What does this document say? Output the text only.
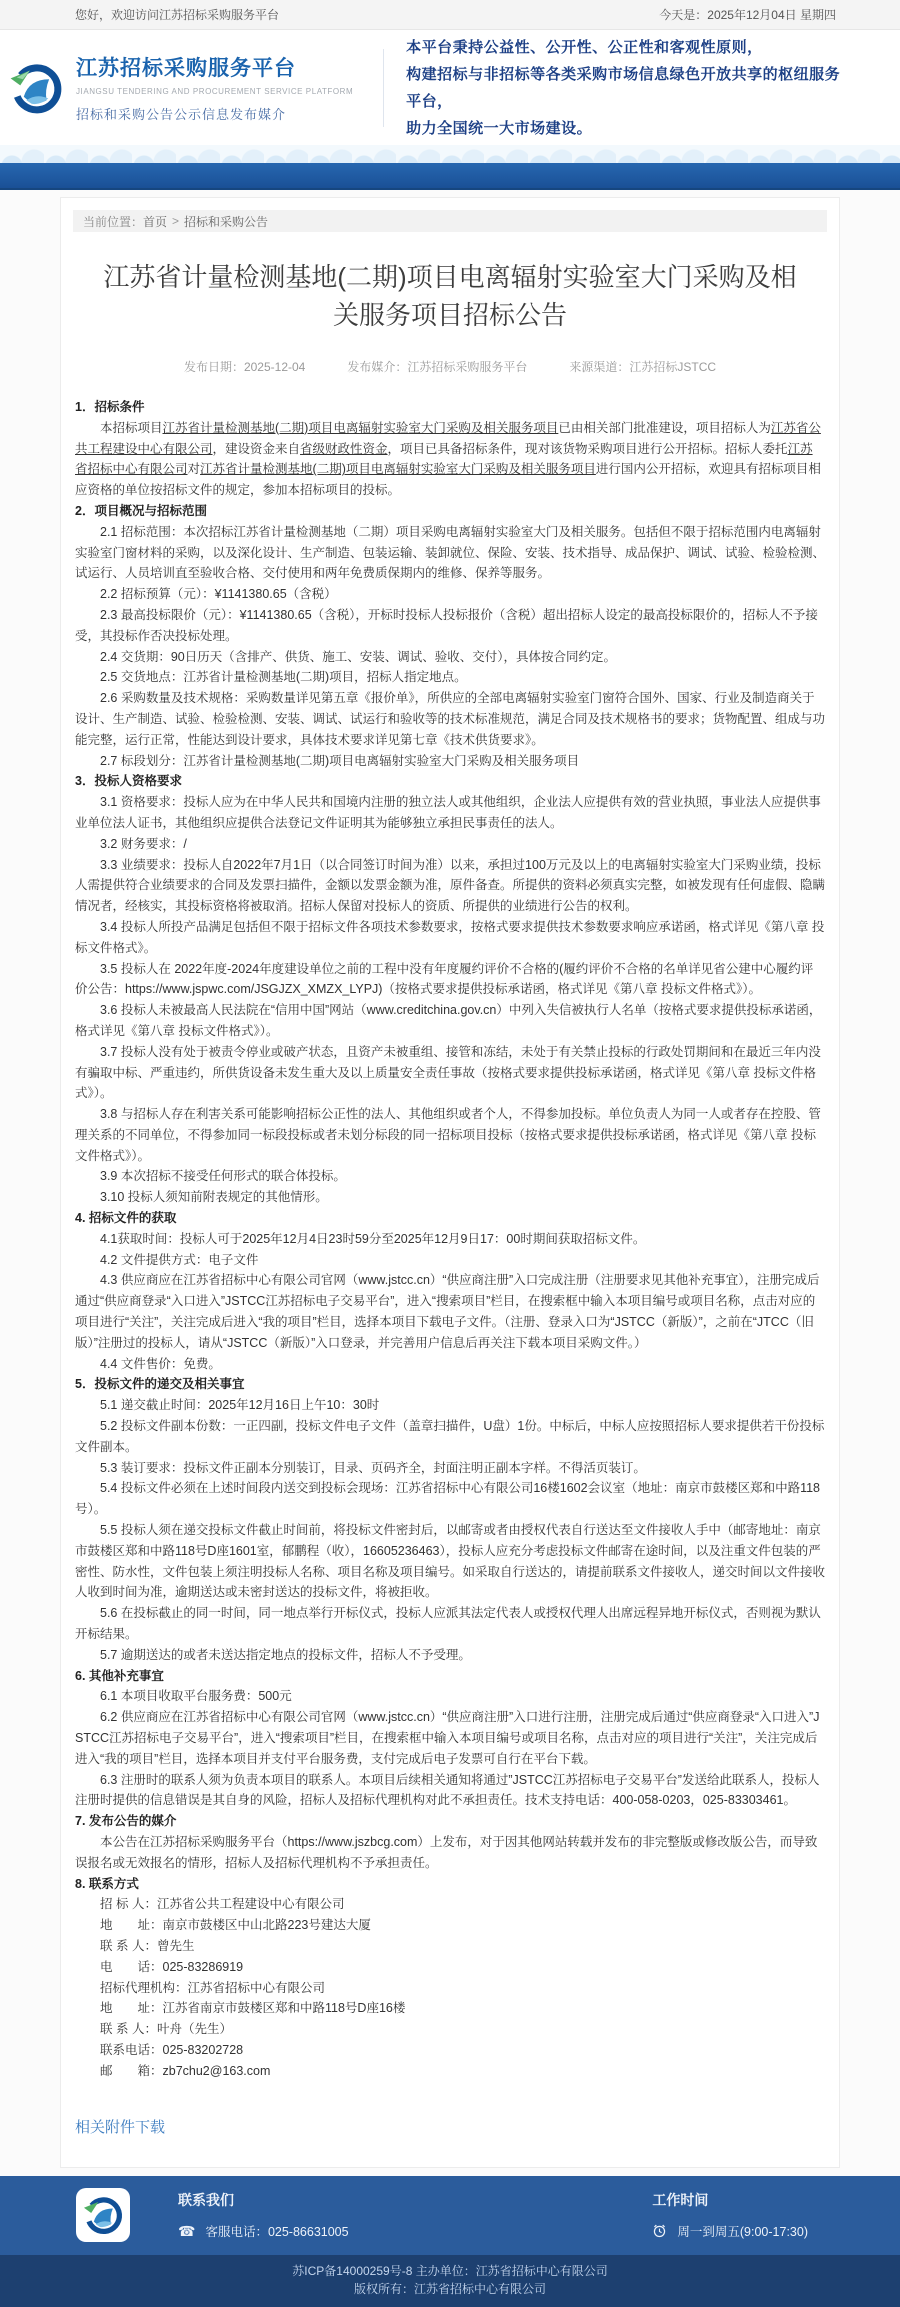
您好，欢迎访问江苏招标采购服务平台	今天是：2025年12月04日 星期四
江苏招标采购服务平台
JIANGSU TENDERING AND PROCUREMENT SERVICE PLATFORM
招标和采购公告公示信息发布媒介
本平台秉持公益性、公开性、公正性和客观性原则，
构建招标与非招标等各类采购市场信息绿色开放共享的枢纽服务平台，
助力全国统一大市场建设。
当前位置： 首页 > 招标和采购公告
江苏省计量检测基地(二期)项目电离辐射实验室大门采购及相关服务项目招标公告
发布日期：2025-12-04	发布媒介：江苏招标采购服务平台	来源渠道：江苏招标JSTCC
1．招标条件

本招标项目江苏省计量检测基地(二期)项目电离辐射实验室大门采购及相关服务项目已由相关部门批准建设，项目招标人为江苏省公共工程建设中心有限公司，建设资金来自省级财政性资金，项目已具备招标条件，现对该货物采购项目进行公开招标。招标人委托江苏省招标中心有限公司对江苏省计量检测基地(二期)项目电离辐射实验室大门采购及相关服务项目进行国内公开招标，欢迎具有招标项目相应资格的单位按招标文件的规定，参加本招标项目的投标。

2．项目概况与招标范围

2.1 招标范围：本次招标江苏省计量检测基地（二期）项目采购电离辐射实验室大门及相关服务。包括但不限于招标范围内电离辐射实验室门窗材料的采购，以及深化设计、生产制造、包装运输、装卸就位、保险、安装、技术指导、成品保护、调试、试验、检验检测、试运行、人员培训直至验收合格、交付使用和两年免费质保期内的维修、保养等服务。

2.2 招标预算（元）：¥1141380.65（含税）

2.3 最高投标限价（元）：¥1141380.65（含税），开标时投标人投标报价（含税）超出招标人设定的最高投标限价的，招标人不予接受，其投标作否决投标处理。

2.4 交货期：90日历天（含排产、供货、施工、安装、调试、验收、交付），具体按合同约定。

2.5 交货地点：江苏省计量检测基地(二期)项目，招标人指定地点。

2.6 采购数量及技术规格：采购数量详见第五章《报价单》，所供应的全部电离辐射实验室门窗符合国外、国家、行业及制造商关于设计、生产制造、试验、检验检测、安装、调试、试运行和验收等的技术标准规范，满足合同及技术规格书的要求；货物配置、组成与功能完整，运行正常，性能达到设计要求，具体技术要求详见第七章《技术供货要求》。

2.7 标段划分：江苏省计量检测基地(二期)项目电离辐射实验室大门采购及相关服务项目

3．投标人资格要求

3.1 资格要求：投标人应为在中华人民共和国境内注册的独立法人或其他组织，企业法人应提供有效的营业执照，事业法人应提供事业单位法人证书，其他组织应提供合法登记文件证明其为能够独立承担民事责任的法人。

3.2 财务要求：/

3.3 业绩要求：投标人自2022年7月1日（以合同签订时间为准）以来，承担过100万元及以上的电离辐射实验室大门采购业绩，投标人需提供符合业绩要求的合同及发票扫描件，金额以发票金额为准，原件备查。所提供的资料必须真实完整，如被发现有任何虚假、隐瞒情况者，经核实，其投标资格将被取消。招标人保留对投标人的资质、所提供的业绩进行公告的权利。

3.4 投标人所投产品满足包括但不限于招标文件各项技术参数要求，按格式要求提供技术参数要求响应承诺函，格式详见《第八章 投标文件格式》。

3.5 投标人在 2022年度-2024年度建设单位之前的工程中没有年度履约评价不合格的(履约评价不合格的名单详见省公建中心履约评价公告：https://www.jspwc.com/JSGJZX_XMZX_LYPJ)（按格式要求提供投标承诺函，格式详见《第八章 投标文件格式》）。

3.6 投标人未被最高人民法院在“信用中国”网站（www.creditchina.gov.cn）中列入失信被执行人名单（按格式要求提供投标承诺函，格式详见《第八章 投标文件格式》）。

3.7 投标人没有处于被责令停业或破产状态，且资产未被重组、接管和冻结，未处于有关禁止投标的行政处罚期间和在最近三年内没有骗取中标、严重违约，所供货设备未发生重大及以上质量安全责任事故（按格式要求提供投标承诺函，格式详见《第八章 投标文件格式》）。

3.8 与招标人存在利害关系可能影响招标公正性的法人、其他组织或者个人，不得参加投标。单位负责人为同一人或者存在控股、管理关系的不同单位，不得参加同一标段投标或者未划分标段的同一招标项目投标（按格式要求提供投标承诺函，格式详见《第八章 投标文件格式》）。

3.9 本次招标不接受任何形式的联合体投标。

3.10 投标人须知前附表规定的其他情形。

4. 招标文件的获取

4.1获取时间：投标人可于2025年12月4日23时59分至2025年12月9日17：00时期间获取招标文件。

4.2 文件提供方式：电子文件

4.3 供应商应在江苏省招标中心有限公司官网（www.jstcc.cn）“供应商注册”入口完成注册（注册要求见其他补充事宜），注册完成后通过“供应商登录“入口进入”JSTCC江苏招标电子交易平台”，进入“搜索项目”栏目，在搜索框中输入本项目编号或项目名称，点击对应的项目进行“关注”，关注完成后进入“我的项目”栏目，选择本项目下载电子文件。（注册、登录入口为“JSTCC（新版）”，之前在“JTCC（旧版）”注册过的投标人，请从“JSTCC（新版）”入口登录，并完善用户信息后再关注下载本项目采购文件。）

4.4 文件售价：免费。

5．投标文件的递交及相关事宜

5.1 递交截止时间：2025年12月16日上午10：30时

5.2 投标文件副本份数：一正四副，投标文件电子文件（盖章扫描件，U盘）1份。中标后，中标人应按照招标人要求提供若干份投标文件副本。

5.3 装订要求：投标文件正副本分别装订，目录、页码齐全，封面注明正副本字样。不得活页装订。

5.4 投标文件必须在上述时间段内送交到投标会现场：江苏省招标中心有限公司16楼1602会议室（地址：南京市鼓楼区郑和中路118号）。

5.5 投标人须在递交投标文件截止时间前，将投标文件密封后，以邮寄或者由授权代表自行送达至文件接收人手中（邮寄地址：南京市鼓楼区郑和中路118号D座1601室，郁鹏程（收），16605236463），投标人应充分考虑投标文件邮寄在途时间，以及注重文件包装的严密性、防水性，文件包装上须注明投标人名称、项目名称及项目编号。如采取自行送达的，请提前联系文件接收人，递交时间以文件接收人收到时间为准，逾期送达或未密封送达的投标文件，将被拒收。

5.6 在投标截止的同一时间，同一地点举行开标仪式，投标人应派其法定代表人或授权代理人出席远程异地开标仪式，否则视为默认开标结果。

5.7 逾期送达的或者未送达指定地点的投标文件，招标人不予受理。

6. 其他补充事宜

6.1 本项目收取平台服务费：500元

6.2 供应商应在江苏省招标中心有限公司官网（www.jstcc.cn）“供应商注册”入口进行注册，注册完成后通过“供应商登录“入口进入”JSTCC江苏招标电子交易平台”，进入“搜索项目”栏目，在搜索框中输入本项目编号或项目名称，点击对应的项目进行“关注”，关注完成后进入“我的项目”栏目，选择本项目并支付平台服务费，支付完成后电子发票可自行在平台下载。

6.3 注册时的联系人须为负责本项目的联系人。本项目后续相关通知将通过”JSTCC江苏招标电子交易平台”发送给此联系人，投标人注册时提供的信息错误是其自身的风险，招标人及招标代理机构对此不承担责任。技术支持电话：400-058-0203，025-83303461。

7. 发布公告的媒介

本公告在江苏招标采购服务平台（https://www.jszbcg.com）上发布，对于因其他网站转载并发布的非完整版或修改版公告，而导致误报名或无效报名的情形，招标人及招标代理机构不予承担责任。

8. 联系方式

招 标 人：江苏省公共工程建设中心有限公司

地　　址：南京市鼓楼区中山北路223号建达大厦

联 系 人：曾先生

电　　话：025-83286919

招标代理机构：江苏省招标中心有限公司

地　　址：江苏省南京市鼓楼区郑和中路118号D座16楼

联 系 人：叶舟（先生）

联系电话：025-83202728

邮　　箱：zb7chu2@163.com

相关附件下载
联系我们
☎ 客服电话：025-86631005
工作时间
周一到周五(9:00-17:30)
苏ICP备14000259号-8 主办单位：江苏省招标中心有限公司
版权所有：江苏省招标中心有限公司
